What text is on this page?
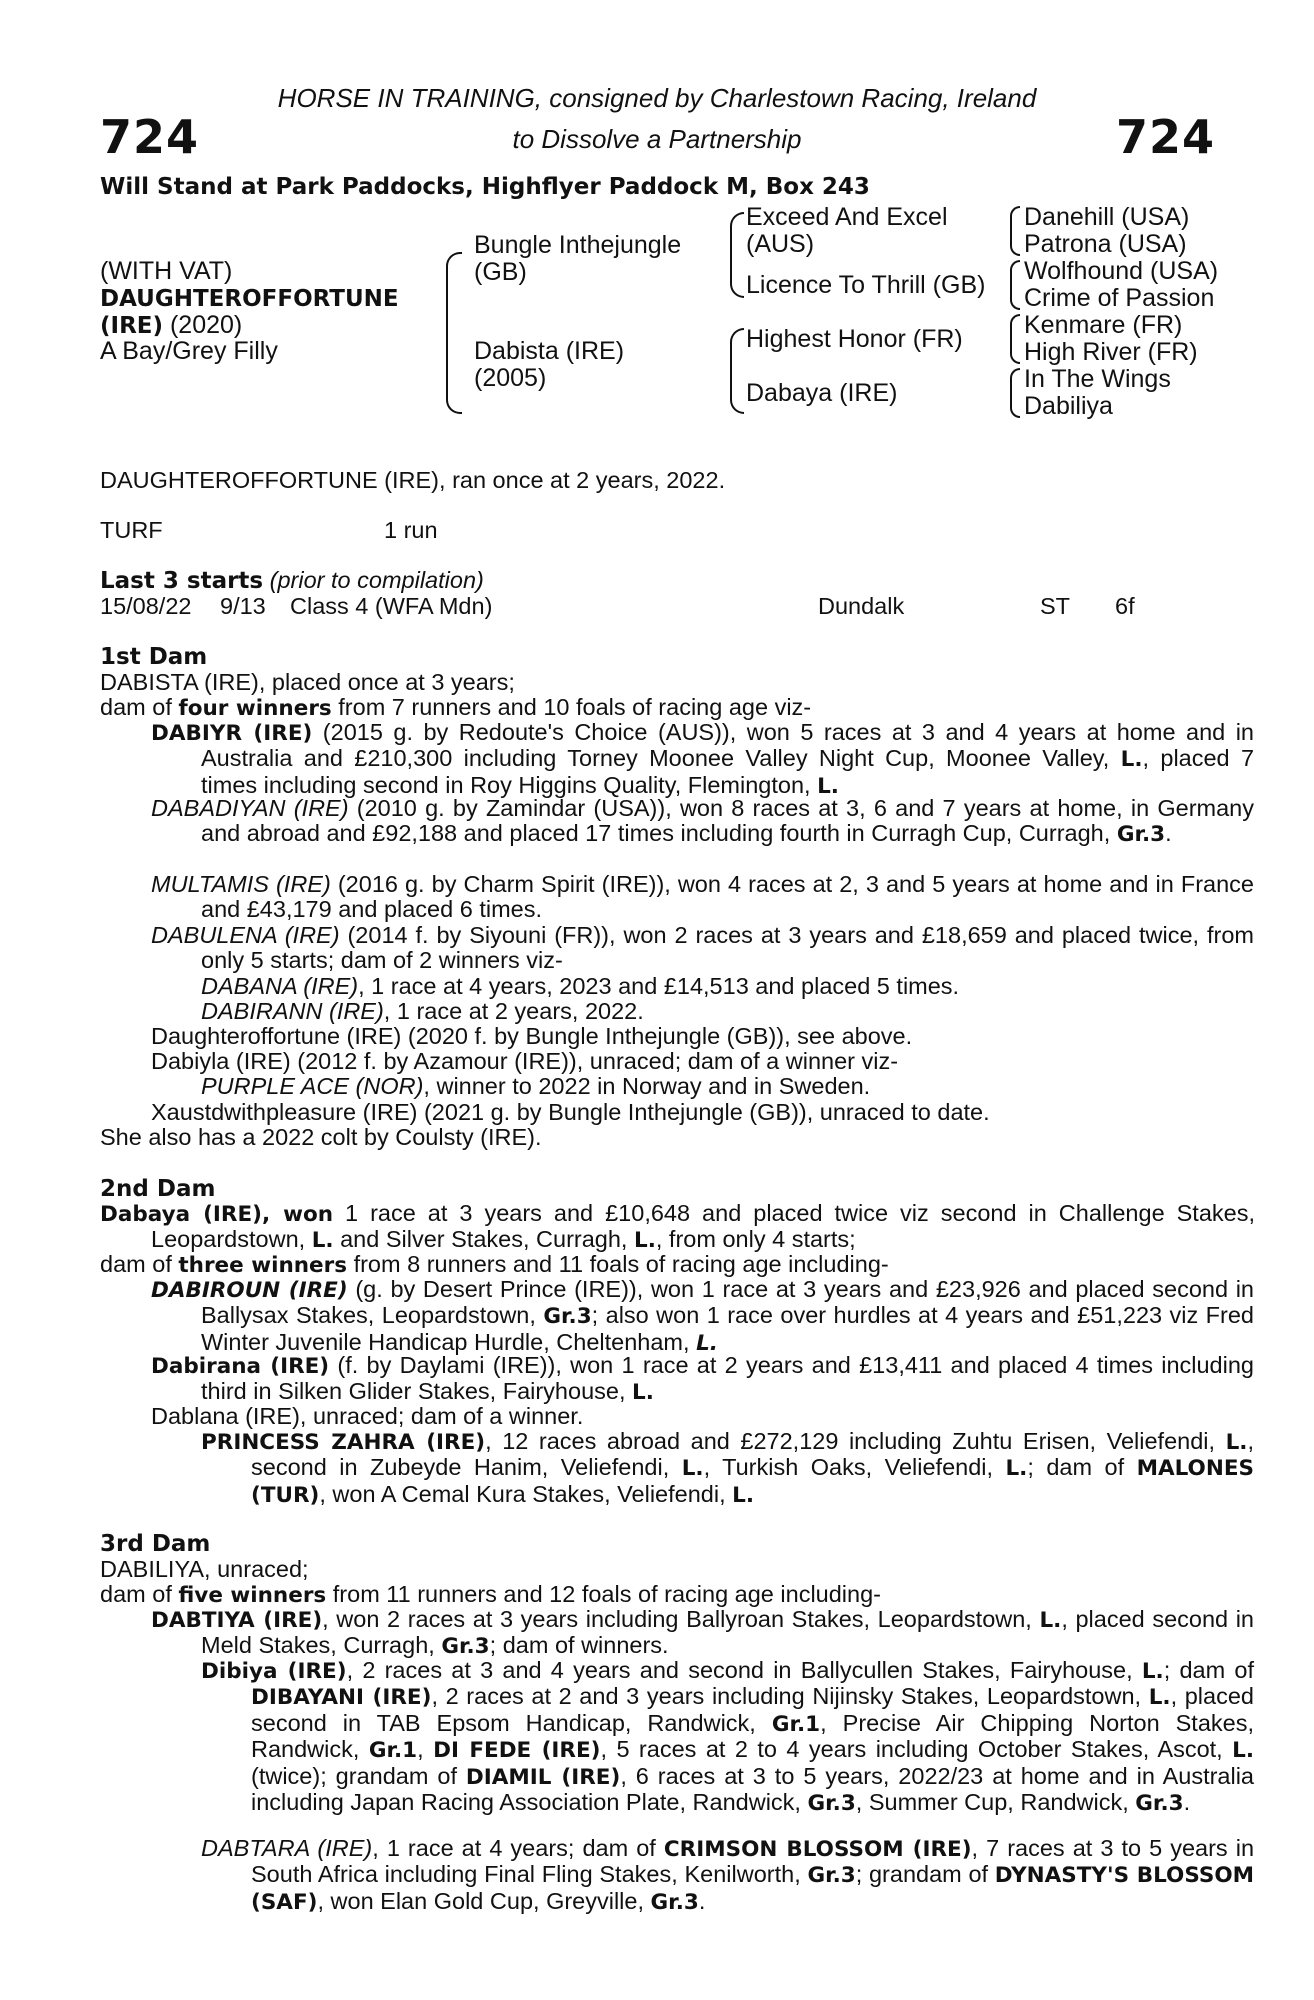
HORSE IN TRAINING, consigned by Charlestown Racing, Ireland
724	to Dissolve a Partnership	724
Will Stand at Park Paddocks, Highflyer Paddock M, Box 243
(WITH VAT)
DAUGHTEROFFORTUNE
(IRE) (2020)
A Bay/Grey Filly
Bungle Inthejungle
(GB)
Dabista (IRE)
(2005)
Exceed And Excel
(AUS)
Licence To Thrill (GB)
Highest Honor (FR)
Dabaya (IRE)
Danehill (USA)
Patrona (USA)
Wolfhound (USA)
Crime of Passion
Kenmare (FR)
High River (FR)
In The Wings
Dabiliya
DAUGHTEROFFORTUNE (IRE), ran once at 2 years, 2022.
TURF	1 run
Last 3 starts (prior to compilation)
15/08/22 9/13 Class 4 (WFA Mdn)	Dundalk	ST 6f
1st Dam
DABISTA (IRE), placed once at 3 years;
dam of four winners from 7 runners and 10 foals of racing age viz-
DABIYR (IRE) (2015 g. by Redoute's Choice (AUS)), won 5 races at 3 and 4 years at home and in Australia and £210,300 including Torney Moonee Valley Night Cup, Moonee Valley, L., placed 7 times including second in Roy Higgins Quality, Flemington, L.
DABADIYAN (IRE) (2010 g. by Zamindar (USA)), won 8 races at 3, 6 and 7 years at home, in Germany and abroad and £92,188 and placed 17 times including fourth in Curragh Cup, Curragh, Gr.3.
MULTAMIS (IRE) (2016 g. by Charm Spirit (IRE)), won 4 races at 2, 3 and 5 years at home and in France and £43,179 and placed 6 times.
DABULENA (IRE) (2014 f. by Siyouni (FR)), won 2 races at 3 years and £18,659 and placed twice, from only 5 starts; dam of 2 winners viz-
DABANA (IRE), 1 race at 4 years, 2023 and £14,513 and placed 5 times.
DABIRANN (IRE), 1 race at 2 years, 2022.
Daughteroffortune (IRE) (2020 f. by Bungle Inthejungle (GB)), see above.
Dabiyla (IRE) (2012 f. by Azamour (IRE)), unraced; dam of a winner viz-
PURPLE ACE (NOR), winner to 2022 in Norway and in Sweden.
Xaustdwithpleasure (IRE) (2021 g. by Bungle Inthejungle (GB)), unraced to date.
She also has a 2022 colt by Coulsty (IRE).
2nd Dam
Dabaya (IRE), won 1 race at 3 years and £10,648 and placed twice viz second in Challenge Stakes, Leopardstown, L. and Silver Stakes, Curragh, L., from only 4 starts;
dam of three winners from 8 runners and 11 foals of racing age including-
DABIROUN (IRE) (g. by Desert Prince (IRE)), won 1 race at 3 years and £23,926 and placed second in Ballysax Stakes, Leopardstown, Gr.3; also won 1 race over hurdles at 4 years and £51,223 viz Fred Winter Juvenile Handicap Hurdle, Cheltenham, L.
Dabirana (IRE) (f. by Daylami (IRE)), won 1 race at 2 years and £13,411 and placed 4 times including third in Silken Glider Stakes, Fairyhouse, L.
Dablana (IRE), unraced; dam of a winner.
PRINCESS ZAHRA (IRE), 12 races abroad and £272,129 including Zuhtu Erisen, Veliefendi, L., second in Zubeyde Hanim, Veliefendi, L., Turkish Oaks, Veliefendi, L.; dam of MALONES (TUR), won A Cemal Kura Stakes, Veliefendi, L.
3rd Dam
DABILIYA, unraced;
dam of five winners from 11 runners and 12 foals of racing age including-
DABTIYA (IRE), won 2 races at 3 years including Ballyroan Stakes, Leopardstown, L., placed second in Meld Stakes, Curragh, Gr.3; dam of winners.
Dibiya (IRE), 2 races at 3 and 4 years and second in Ballycullen Stakes, Fairyhouse, L.; dam of DIBAYANI (IRE), 2 races at 2 and 3 years including Nijinsky Stakes, Leopardstown, L., placed second in TAB Epsom Handicap, Randwick, Gr.1, Precise Air Chipping Norton Stakes, Randwick, Gr.1, DI FEDE (IRE), 5 races at 2 to 4 years including October Stakes, Ascot, L. (twice); grandam of DIAMIL (IRE), 6 races at 3 to 5 years, 2022/23 at home and in Australia including Japan Racing Association Plate, Randwick, Gr.3, Summer Cup, Randwick, Gr.3.
DABTARA (IRE), 1 race at 4 years; dam of CRIMSON BLOSSOM (IRE), 7 races at 3 to 5 years in South Africa including Final Fling Stakes, Kenilworth, Gr.3; grandam of DYNASTY'S BLOSSOM (SAF), won Elan Gold Cup, Greyville, Gr.3.
